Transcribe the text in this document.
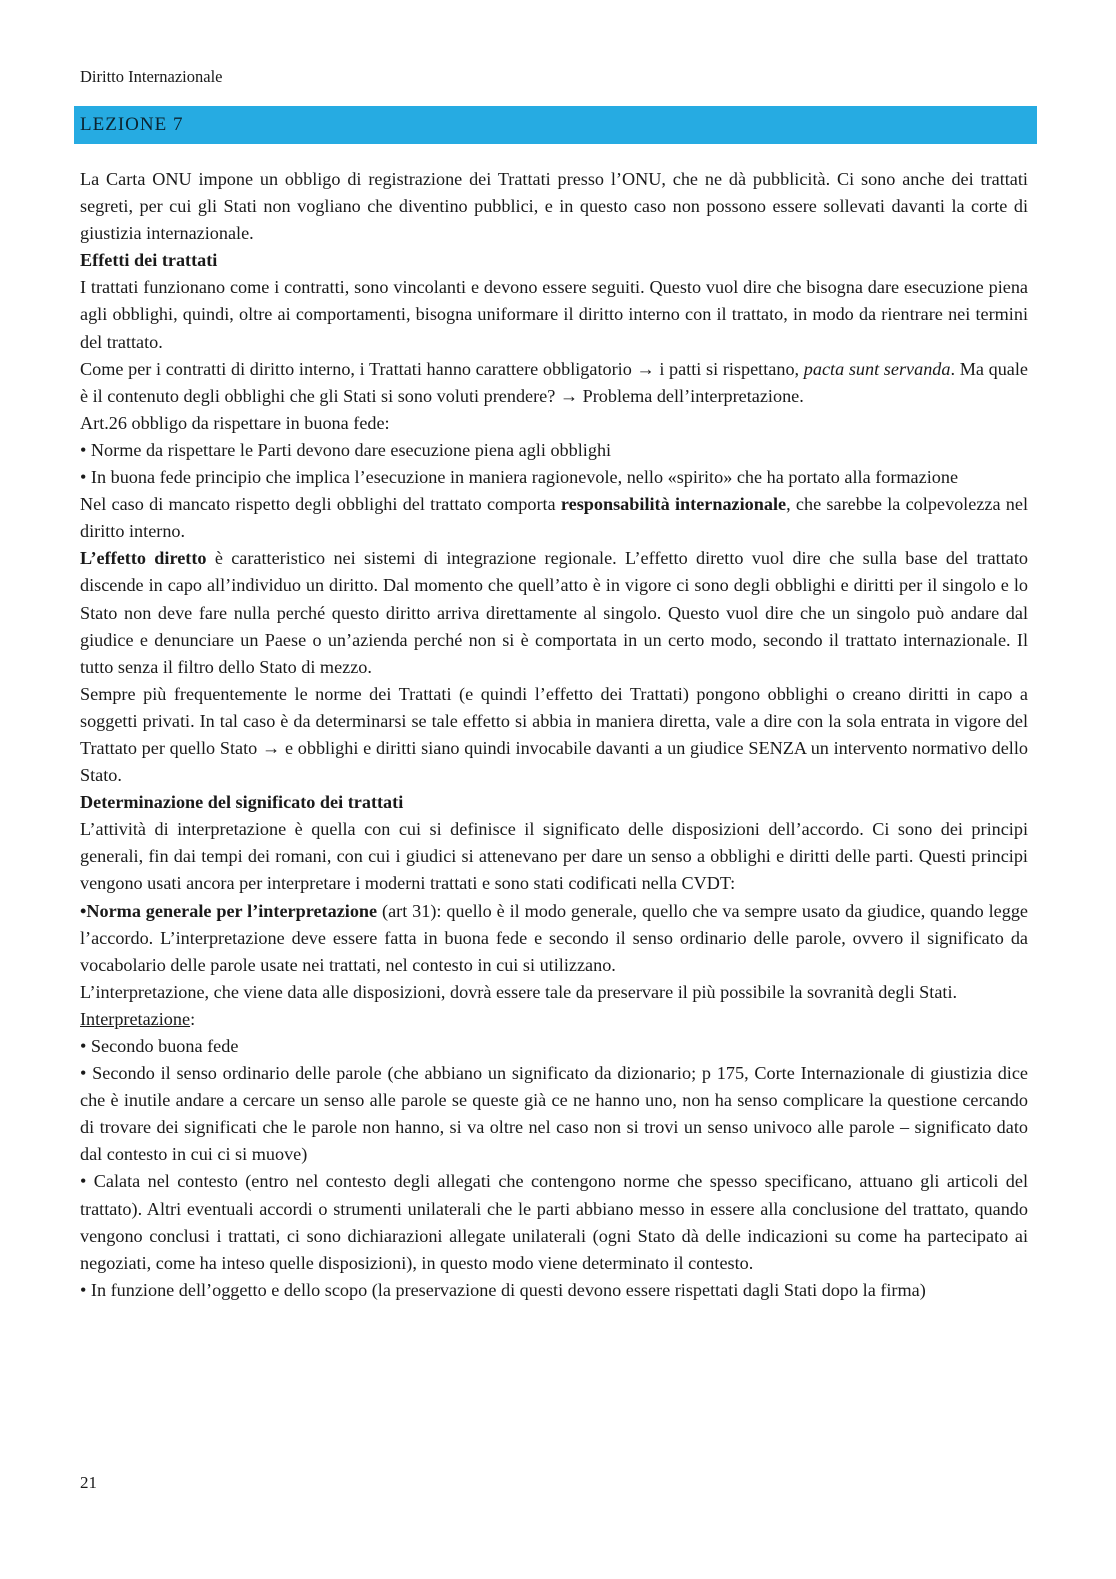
Diritto Internazionale
LEZIONE 7

La Carta ONU impone un obbligo di registrazione dei Trattati presso l’ONU, che ne dà pubblicità. Ci sono anche dei trattati segreti, per cui gli Stati non vogliano che diventino pubblici, e in questo caso non possono essere sollevati davanti la corte di giustizia internazionale.

Effetti dei trattati

I trattati funzionano come i contratti, sono vincolanti e devono essere seguiti. Questo vuol dire che bisogna dare esecuzione piena agli obblighi, quindi, oltre ai comportamenti, bisogna uniformare il diritto interno con il trattato, in modo da rientrare nei termini del trattato.

Come per i contratti di diritto interno, i Trattati hanno carattere obbligatorio → i patti si rispettano, pacta sunt servanda. Ma quale è il contenuto degli obblighi che gli Stati si sono voluti prendere? → Problema dell’interpretazione.

Art.26 obbligo da rispettare in buona fede:

• Norme da rispettare le Parti devono dare esecuzione piena agli obblighi

• In buona fede principio che implica l’esecuzione in maniera ragionevole, nello «spirito» che ha portato alla formazione

Nel caso di mancato rispetto degli obblighi del trattato comporta responsabilità internazionale, che sarebbe la colpevolezza nel diritto interno.

L’effetto diretto è caratteristico nei sistemi di integrazione regionale. L’effetto diretto vuol dire che sulla base del trattato discende in capo all’individuo un diritto. Dal momento che quell’atto è in vigore ci sono degli obblighi e diritti per il singolo e lo Stato non deve fare nulla perché questo diritto arriva direttamente al singolo. Questo vuol dire che un singolo può andare dal giudice e denunciare un Paese o un’azienda perché non si è comportata in un certo modo, secondo il trattato internazionale. Il tutto senza il filtro dello Stato di mezzo.

Sempre più frequentemente le norme dei Trattati (e quindi l’effetto dei Trattati) pongono obblighi o creano diritti in capo a soggetti privati. In tal caso è da determinarsi se tale effetto si abbia in maniera diretta, vale a dire con la sola entrata in vigore del Trattato per quello Stato → e obblighi e diritti siano quindi invocabile davanti a un giudice SENZA un intervento normativo dello Stato.

Determinazione del significato dei trattati

L’attività di interpretazione è quella con cui si definisce il significato delle disposizioni dell’accordo. Ci sono dei principi generali, fin dai tempi dei romani, con cui i giudici si attenevano per dare un senso a obblighi e diritti delle parti. Questi principi vengono usati ancora per interpretare i moderni trattati e sono stati codificati nella CVDT:

•Norma generale per l’interpretazione (art 31): quello è il modo generale, quello che va sempre usato da giudice, quando legge l’accordo. L’interpretazione deve essere fatta in buona fede e secondo il senso ordinario delle parole, ovvero il significato da vocabolario delle parole usate nei trattati, nel contesto in cui si utilizzano.

L’interpretazione, che viene data alle disposizioni, dovrà essere tale da preservare il più possibile la sovranità degli Stati.

Interpretazione:

• Secondo buona fede

• Secondo il senso ordinario delle parole (che abbiano un significato da dizionario; p 175, Corte Internazionale di giustizia dice che è inutile andare a cercare un senso alle parole se queste già ce ne hanno uno, non ha senso complicare la questione cercando di trovare dei significati che le parole non hanno, si va oltre nel caso non si trovi un senso univoco alle parole – significato dato dal contesto in cui ci si muove)

• Calata nel contesto (entro nel contesto degli allegati che contengono norme che spesso specificano, attuano gli articoli del trattato). Altri eventuali accordi o strumenti unilaterali che le parti abbiano messo in essere alla conclusione del trattato, quando vengono conclusi i trattati, ci sono dichiarazioni allegate unilaterali (ogni Stato dà delle indicazioni su come ha partecipato ai negoziati, come ha inteso quelle disposizioni), in questo modo viene determinato il contesto.

• In funzione dell’oggetto e dello scopo (la preservazione di questi devono essere rispettati dagli Stati dopo la firma)

21
